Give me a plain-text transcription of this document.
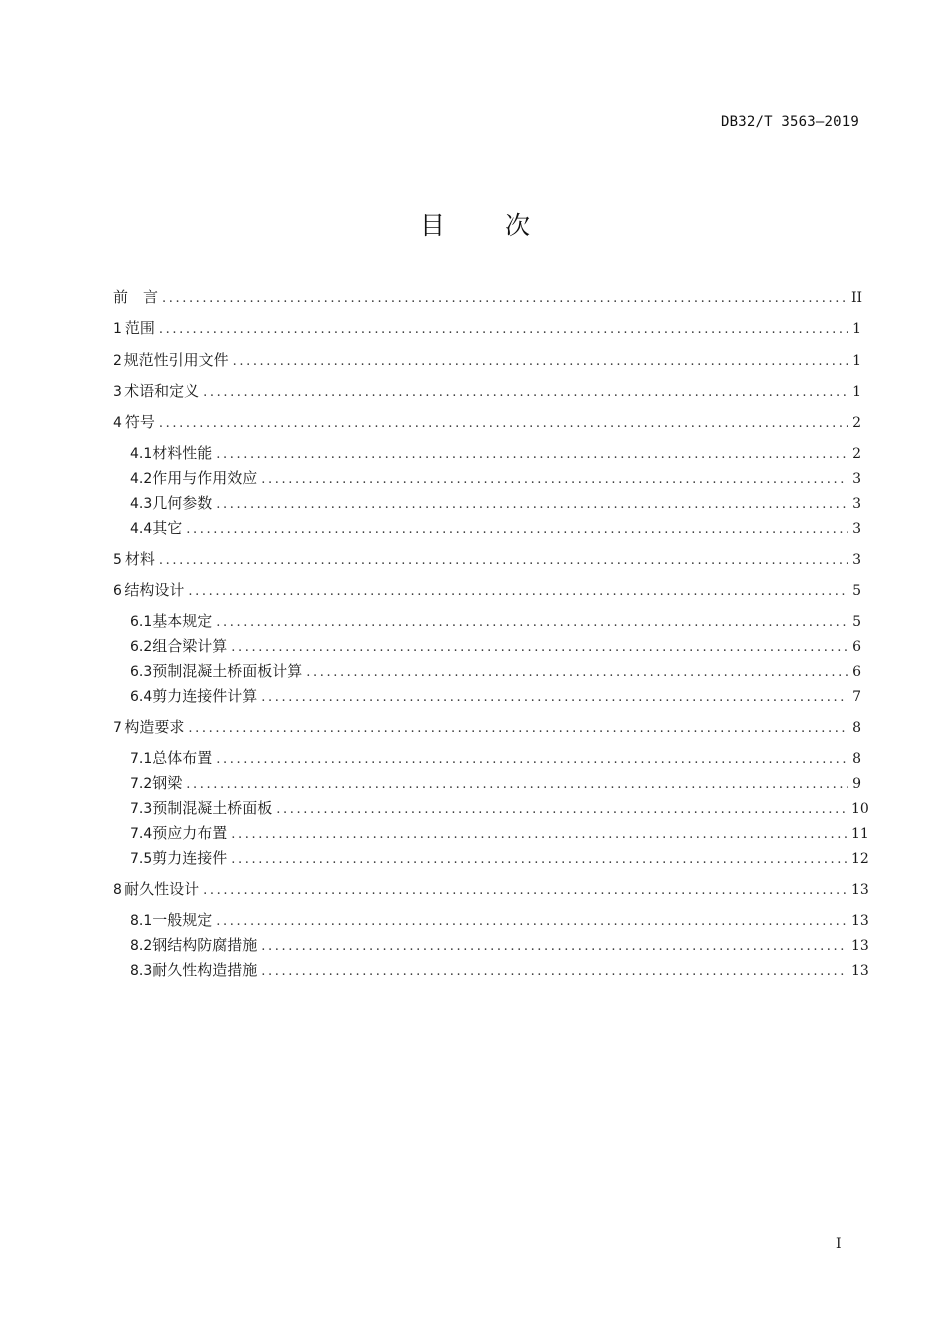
DB32/T 3563—2019
目 次
前　言 .....	II
1 范围 .....	1
2 规范性引用文件 .....	1
3 术语和定义 .....	1
4 符号 .....	2
4.1 材料性能 .....	2
4.2 作用与作用效应 .....	3
4.3 几何参数 .....	3
4.4 其它 .....	3
5 材料 .....	3
6 结构设计 .....	5
6.1 基本规定 .....	5
6.2 组合梁计算 .....	6
6.3 预制混凝土桥面板计算 .....	6
6.4 剪力连接件计算 .....	7
7 构造要求 .....	8
7.1 总体布置 .....	8
7.2 钢梁 .....	9
7.3 预制混凝土桥面板 .....	10
7.4 预应力布置 .....	11
7.5 剪力连接件 .....	12
8 耐久性设计 .....	13
8.1 一般规定 .....	13
8.2 钢结构防腐措施 .....	13
8.3 耐久性构造措施 .....	13
I
